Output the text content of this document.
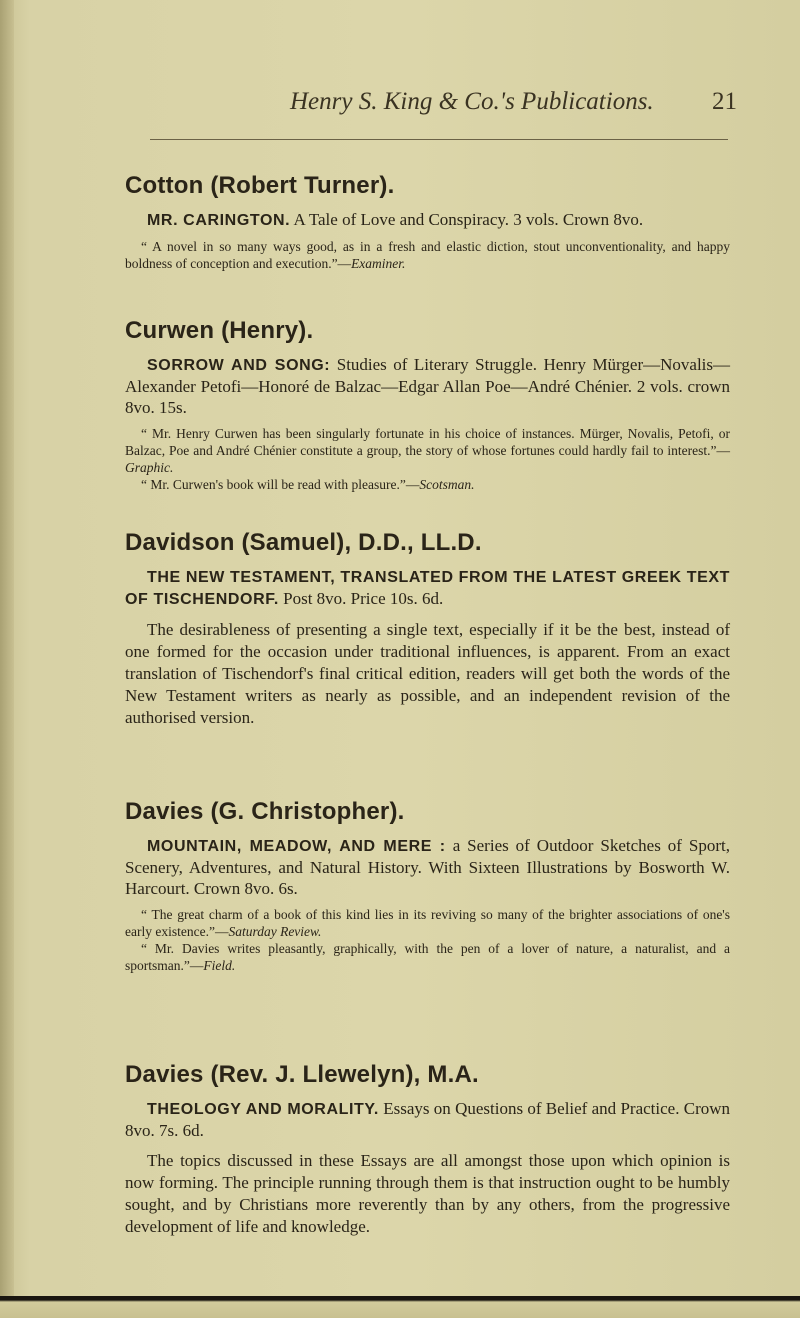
Henry S. King & Co.'s Publications. 21
Cotton (Robert Turner).
MR. CARINGTON. A Tale of Love and Conspiracy. 3 vols. Crown 8vo.
“ A novel in so many ways good, as in a fresh and elastic diction, stout unconventionality, and happy boldness of conception and execution.”—Examiner.
Curwen (Henry).
SORROW AND SONG: Studies of Literary Struggle. Henry Mürger—Novalis—Alexander Petofi—Honoré de Balzac—Edgar Allan Poe—André Chénier. 2 vols. crown 8vo. 15s.
“ Mr. Henry Curwen has been singularly fortunate in his choice of instances. Mürger, Novalis, Petofi, or Balzac, Poe and André Chénier constitute a group, the story of whose fortunes could hardly fail to interest.”—Graphic.
“ Mr. Curwen's book will be read with pleasure.”—Scotsman.
Davidson (Samuel), D.D., LL.D.
THE NEW TESTAMENT, TRANSLATED FROM THE LATEST GREEK TEXT OF TISCHENDORF. Post 8vo. Price 10s. 6d.
The desirableness of presenting a single text, especially if it be the best, instead of one formed for the occasion under traditional influences, is apparent. From an exact translation of Tischendorf's final critical edition, readers will get both the words of the New Testament writers as nearly as possible, and an independent revision of the authorised version.
Davies (G. Christopher).
MOUNTAIN, MEADOW, AND MERE : a Series of Outdoor Sketches of Sport, Scenery, Adventures, and Natural History. With Sixteen Illustrations by Bosworth W. Harcourt. Crown 8vo. 6s.
“ The great charm of a book of this kind lies in its reviving so many of the brighter associations of one's early existence.”—Saturday Review.
“ Mr. Davies writes pleasantly, graphically, with the pen of a lover of nature, a naturalist, and a sportsman.”—Field.
Davies (Rev. J. Llewelyn), M.A.
THEOLOGY AND MORALITY. Essays on Questions of Belief and Practice. Crown 8vo. 7s. 6d.
The topics discussed in these Essays are all amongst those upon which opinion is now forming. The principle running through them is that instruction ought to be humbly sought, and by Christians more reverently than by any others, from the progressive development of life and knowledge.
